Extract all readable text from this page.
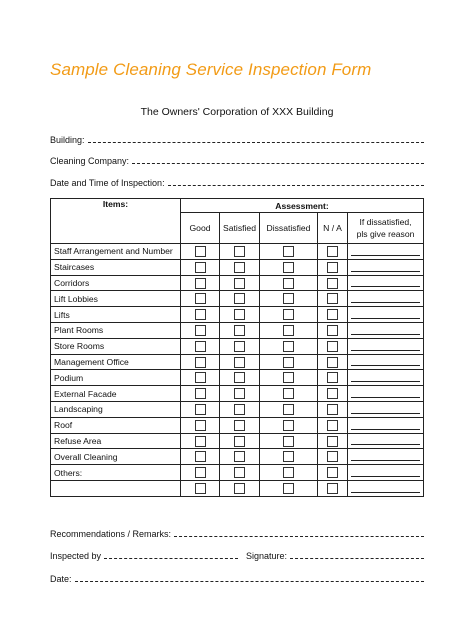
Sample Cleaning Service Inspection Form
The Owners' Corporation of XXX Building
Building:
Cleaning Company:
Date and Time of Inspection:
Items:	Assessment:				
	Good	Satisfied	Dissatisfied	N / A	If dissatisfied,
pls give reason
Staff Arrangement and Number					

Staircases					

Corridors					

Lift Lobbies					

Lifts					

Plant Rooms					

Store Rooms					

Management Office					

Podium					

External Facade					

Landscaping					

Roof					

Refuse Area					

Overall Cleaning					

Others:					

Recommendations / Remarks:
Inspected by	Signature:
Date:
